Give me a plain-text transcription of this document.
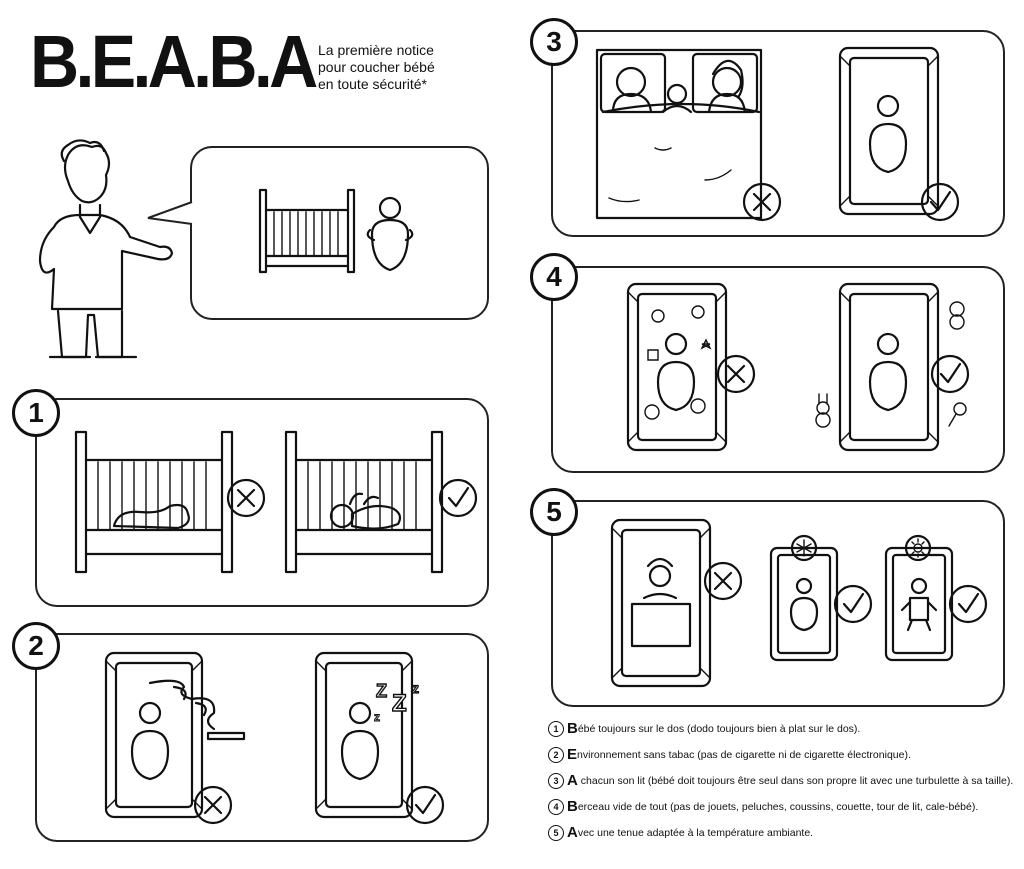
B.E.A.B.A La première notice
pour coucher bébé
en toute sécurité*
1
2
Z Z
z
z
3
4
5
1 Bébé toujours sur le dos (dodo toujours bien à plat sur le dos).
2 Environnement sans tabac (pas de cigarette ni de cigarette électronique).
3 A chacun son lit (bébé doit toujours être seul dans son propre lit avec une turbulette à sa taille).
4 Berceau vide de tout (pas de jouets, peluches, coussins, couette, tour de lit, cale-bébé).
5 Avec une tenue adaptée à la température ambiante.
